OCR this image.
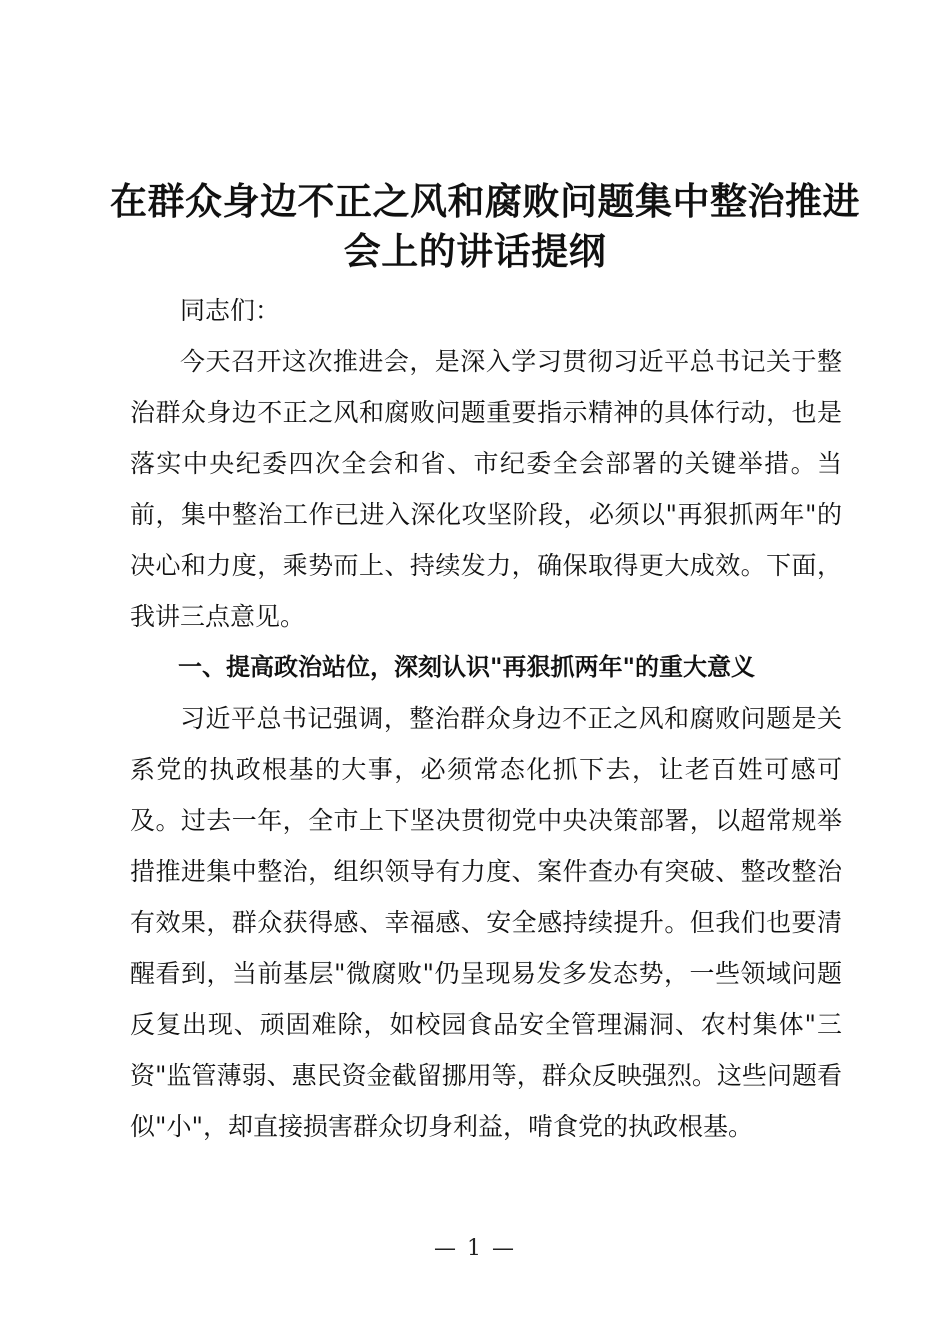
在群众身边不正之风和腐败问题集中整治推进
会上的讲话提纲

同志们：

今天召开这次推进会，是深入学习贯彻习近平总书记关于整治群众身边不正之风和腐败问题重要指示精神的具体行动，也是落实中央纪委四次全会和省、市纪委全会部署的关键举措。当前，集中整治工作已进入深化攻坚阶段，必须以"再狠抓两年"的决心和力度，乘势而上、持续发力，确保取得更大成效。下面，我讲三点意见。

一、提高政治站位，深刻认识"再狠抓两年"的重大意义

习近平总书记强调，整治群众身边不正之风和腐败问题是关系党的执政根基的大事，必须常态化抓下去，让老百姓可感可及。过去一年，全市上下坚决贯彻党中央决策部署，以超常规举措推进集中整治，组织领导有力度、案件查办有突破、整改整治有效果，群众获得感、幸福感、安全感持续提升。但我们也要清醒看到，当前基层"微腐败"仍呈现易发多发态势，一些领域问题反复出现、顽固难除，如校园食品安全管理漏洞、农村集体"三资"监管薄弱、惠民资金截留挪用等，群众反映强烈。这些问题看似"小"，却直接损害群众切身利益，啃食党的执政根基。

— 1 —
